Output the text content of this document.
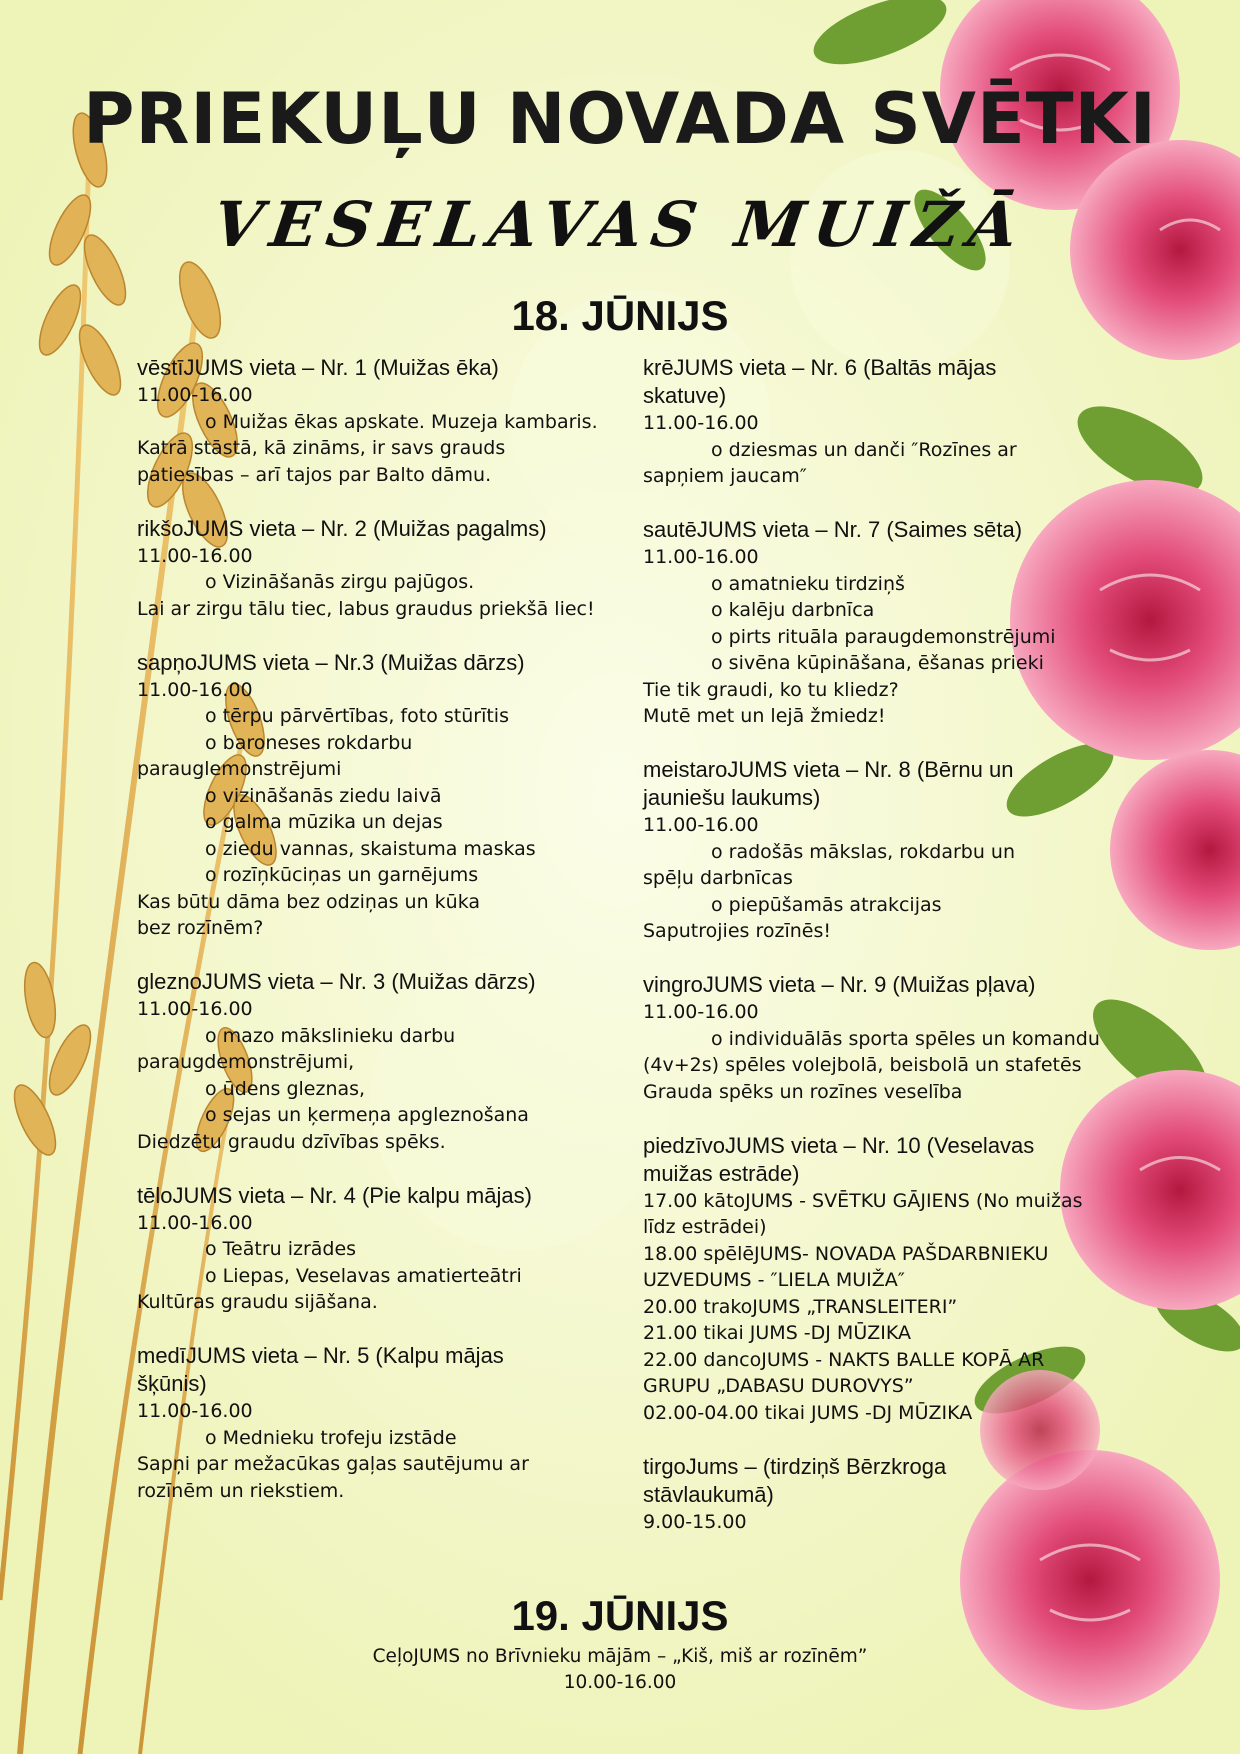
PRIEKUĻU NOVADA SVĒTKI
VESELAVAS MUIŽĀ
18. JŪNIJS
vēstīJUMS vieta – Nr. 1 (Muižas ēka)
11.00-16.00
o Muižas ēkas apskate. Muzeja kambaris.
Katrā stāstā, kā zināms, ir savs grauds
patiesības – arī tajos par Balto dāmu.
rikšoJUMS vieta – Nr. 2 (Muižas pagalms)
11.00-16.00
o Vizināšanās zirgu pajūgos.
Lai ar zirgu tālu tiec, labus graudus priekšā liec!
sapņoJUMS vieta – Nr.3 (Muižas dārzs)
11.00-16.00
o tērpu pārvērtības, foto stūrītis
o baroneses rokdarbu
parauglemonstrējumi
o vizināšanās ziedu laivā
o galma mūzika un dejas
o ziedu vannas, skaistuma maskas
o rozīņkūciņas un garnējums
Kas būtu dāma bez odziņas un kūka
bez rozīnēm?
gleznoJUMS vieta – Nr. 3 (Muižas dārzs)
11.00-16.00
o mazo mākslinieku darbu
paraugdemonstrējumi,
o ūdens gleznas,
o sejas un ķermeņa apgleznošana
Diedzētu graudu dzīvības spēks.
tēloJUMS vieta – Nr. 4 (Pie kalpu mājas)
11.00-16.00
o Teātru izrādes
o Liepas, Veselavas amatierteātri
Kultūras graudu sijāšana.
medīJUMS vieta – Nr. 5 (Kalpu mājas
šķūnis)
11.00-16.00
o Mednieku trofeju izstāde
Sapņi par mežacūkas gaļas sautējumu ar
rozīnēm un riekstiem.
krēJUMS vieta – Nr. 6 (Baltās mājas
skatuve)
11.00-16.00
o dziesmas un danči ″Rozīnes ar
sapņiem jaucam″
sautēJUMS vieta – Nr. 7 (Saimes sēta)
11.00-16.00
o amatnieku tirdziņš
o kalēju darbnīca
o pirts rituāla paraugdemonstrējumi
o sivēna kūpināšana, ēšanas prieki
Tie tik graudi, ko tu kliedz?
Mutē met un lejā žmiedz!
meistaroJUMS vieta – Nr. 8 (Bērnu un
jauniešu laukums)
11.00-16.00
o radošās mākslas, rokdarbu un
spēļu darbnīcas
o piepūšamās atrakcijas
Saputrojies rozīnēs!
vingroJUMS vieta – Nr. 9 (Muižas pļava)
11.00-16.00
o individuālās sporta spēles un komandu
(4v+2s) spēles volejbolā, beisbolā un stafetēs
Grauda spēks un rozīnes veselība
piedzīvoJUMS vieta – Nr. 10 (Veselavas
muižas estrāde)
17.00 kātoJUMS - SVĒTKU GĀJIENS (No muižas
līdz estrādei)
18.00 spēlēJUMS- NOVADA PAŠDARBNIEKU
UZVEDUMS - ″LIELA MUIŽA″
20.00 trakoJUMS „TRANSLEITERI”
21.00 tikai JUMS -DJ MŪZIKA
22.00 dancoJUMS - NAKTS BALLE KOPĀ AR
GRUPU „DABASU DUROVYS”
02.00-04.00 tikai JUMS -DJ MŪZIKA
tirgoJums – (tirdziņš Bērzkroga
stāvlaukumā)
9.00-15.00
19. JŪNIJS
CeļoJUMS no Brīvnieku mājām – „Kiš, miš ar rozīnēm”
10.00-16.00
